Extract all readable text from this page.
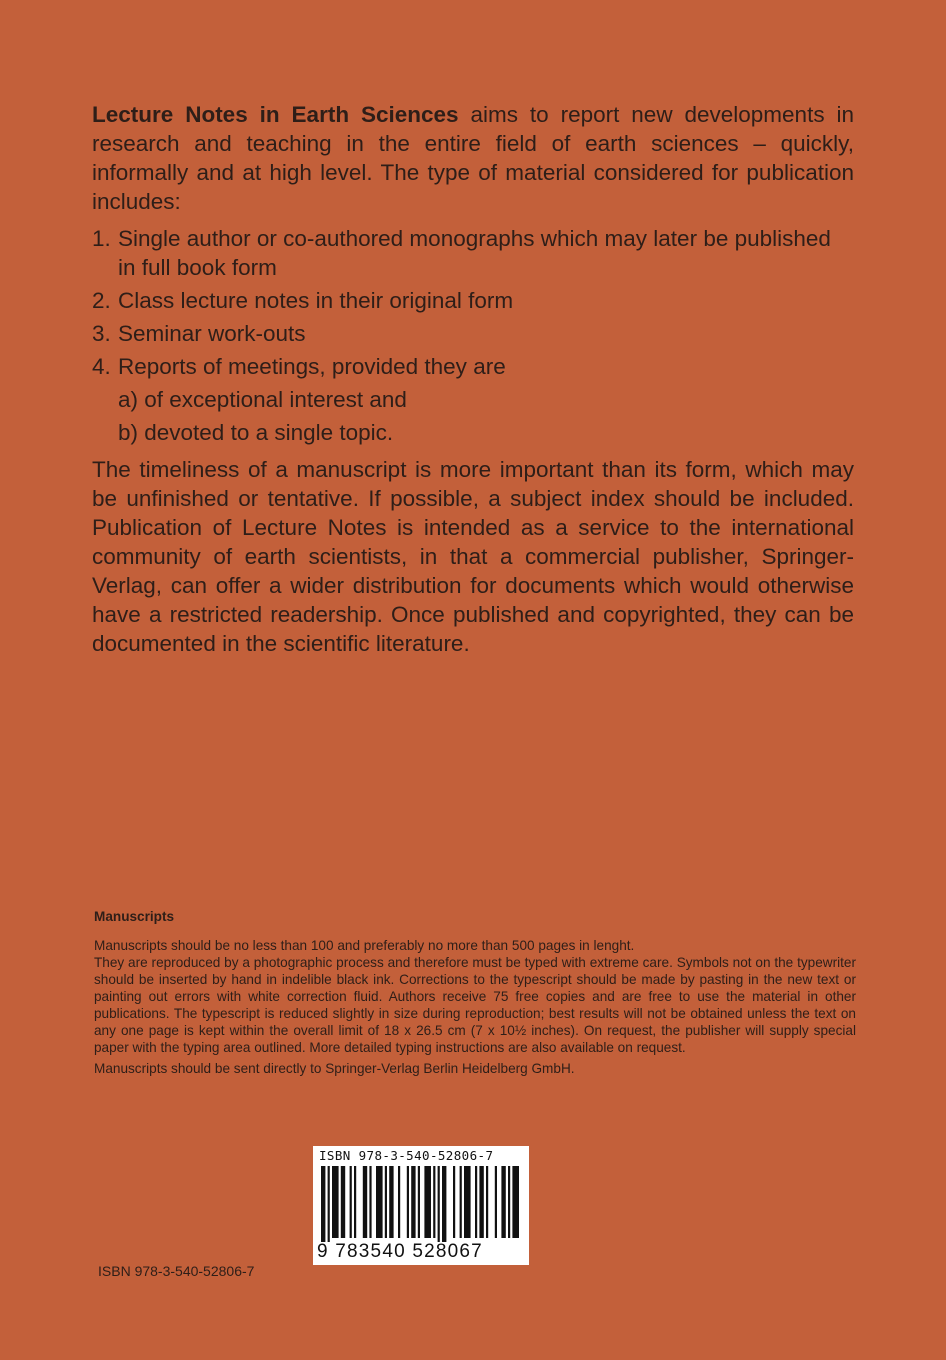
Lecture Notes in Earth Sciences aims to report new developments in research and teaching in the entire field of earth sciences – quickly, informally and at high level. The type of material considered for publication includes:

1. Single author or co-authored monographs which may later be published in full book form
2. Class lecture notes in their original form
3. Seminar work-outs
4. Reports of meetings, provided they are
a) of exceptional interest and
b) devoted to a single topic.

The timeliness of a manuscript is more important than its form, which may be unfinished or tentative. If possible, a subject index should be included. Publication of Lecture Notes is intended as a service to the international community of earth scientists, in that a commercial publisher, Springer-Verlag, can offer a wider distribution for documents which would otherwise have a restricted readership. Once published and copyrighted, they can be documented in the scientific literature.

Manuscripts

Manuscripts should be no less than 100 and preferably no more than 500 pages in lenght.

They are reproduced by a photographic process and therefore must be typed with extreme care. Symbols not on the typewriter should be inserted by hand in indelible black ink. Corrections to the typescript should be made by pasting in the new text or painting out errors with white correction fluid. Authors receive 75 free copies and are free to use the material in other publications. The typescript is reduced slightly in size during reproduction; best results will not be obtained unless the text on any one page is kept within the overall limit of 18 x 26.5 cm (7 x 10½ inches). On request, the publisher will supply special paper with the typing area outlined. More detailed typing instructions are also available on request.

Manuscripts should be sent directly to Springer-Verlag Berlin Heidelberg GmbH.

ISBN 978-3-540-52806-7
9 783540 528067
ISBN 978-3-540-52806-7
